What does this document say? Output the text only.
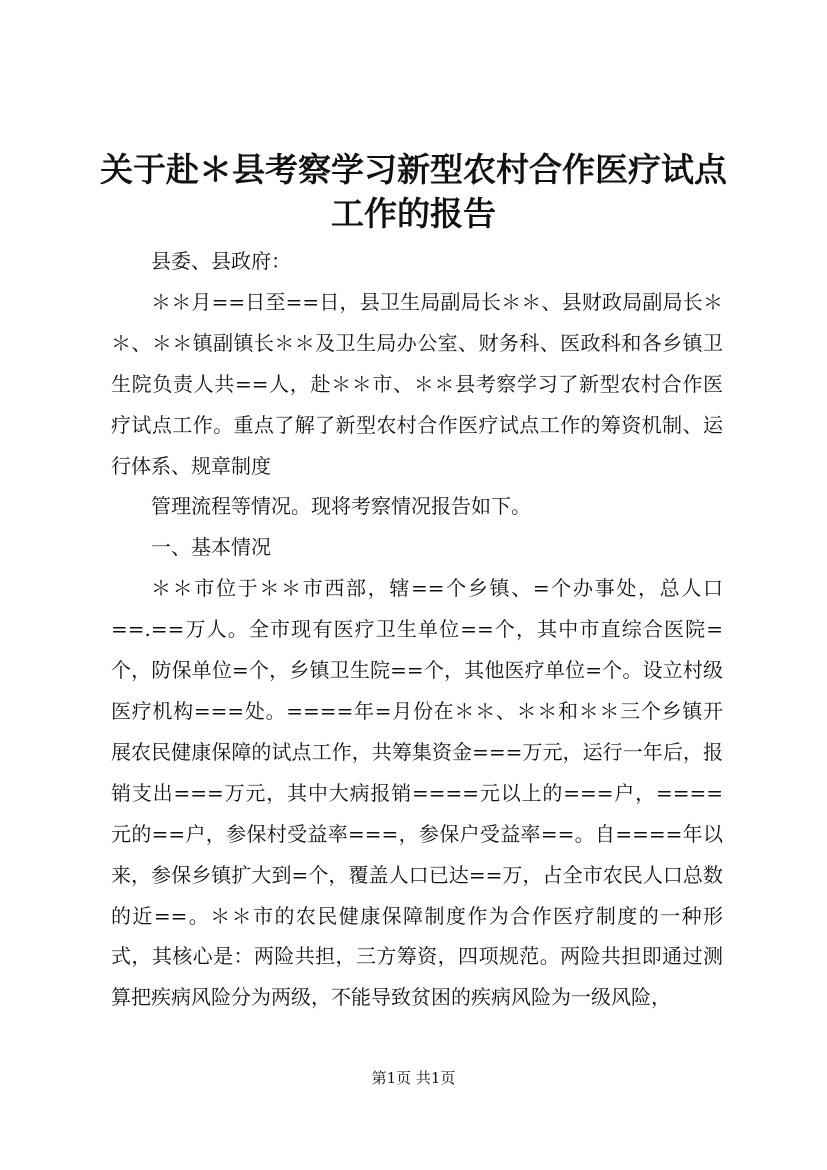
关于赴＊县考察学习新型农村合作医疗试点工作的报告

县委、县政府：

＊＊月==日至==日，县卫生局副局长＊＊、县财政局副局长＊＊、＊＊镇副镇长＊＊及卫生局办公室、财务科、医政科和各乡镇卫生院负责人共==人，赴＊＊市、＊＊县考察学习了新型农村合作医疗试点工作。重点了解了新型农村合作医疗试点工作的筹资机制、运行体系、规章制度

管理流程等情况。现将考察情况报告如下。

一、基本情况

＊＊市位于＊＊市西部，辖==个乡镇、=个办事处，总人口==.==万人。全市现有医疗卫生单位==个，其中市直综合医院=个，防保单位=个，乡镇卫生院==个，其他医疗单位=个。设立村级医疗机构===处。====年=月份在＊＊、＊＊和＊＊三个乡镇开展农民健康保障的试点工作，共筹集资金===万元，运行一年后，报销支出===万元，其中大病报销====元以上的===户，====元的==户，参保村受益率===，参保户受益率==。自====年以来，参保乡镇扩大到=个，覆盖人口已达==万，占全市农民人口总数的近==。＊＊市的农民健康保障制度作为合作医疗制度的一种形式，其核心是：两险共担，三方筹资，四项规范。两险共担即通过测算把疾病风险分为两级，不能导致贫困的疾病风险为一级风险，

第1页 共1页
